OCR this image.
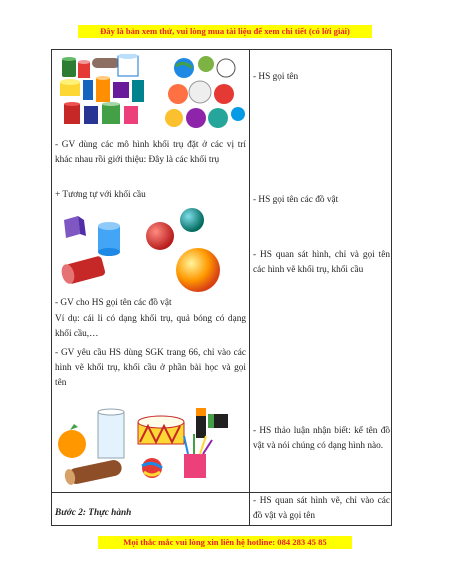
Đây là bản xem thử, vui lòng mua tài liệu để xem chi tiết (có lời giải)
- GV dùng các mô hình khối trụ đặt ở các vị trí khác nhau rồi giới thiệu: Đây là các khối trụ
+ Tương tự với khối cầu
- GV cho HS gọi tên các đồ vật
Ví dụ: cái li có dạng khối trụ, quả bóng có dạng khối cầu,…
- GV yêu cầu HS dùng SGK trang 66, chỉ vào các hình vẽ khối trụ, khối cầu ở phần bài học và gọi tên
Bước 2: Thực hành
- HS gọi tên
- HS gọi tên các đồ vật
- HS quan sát hình, chỉ và gọi tên các hình vẽ khối trụ, khối cầu
- HS thảo luận nhận biết: kể tên đồ vật và nói chúng có dạng hình nào.
- HS quan sát hình vẽ, chỉ vào các đồ vật và gọi tên
Mọi thắc mắc vui lòng xin liên hệ hotline: 084 283 45 85
